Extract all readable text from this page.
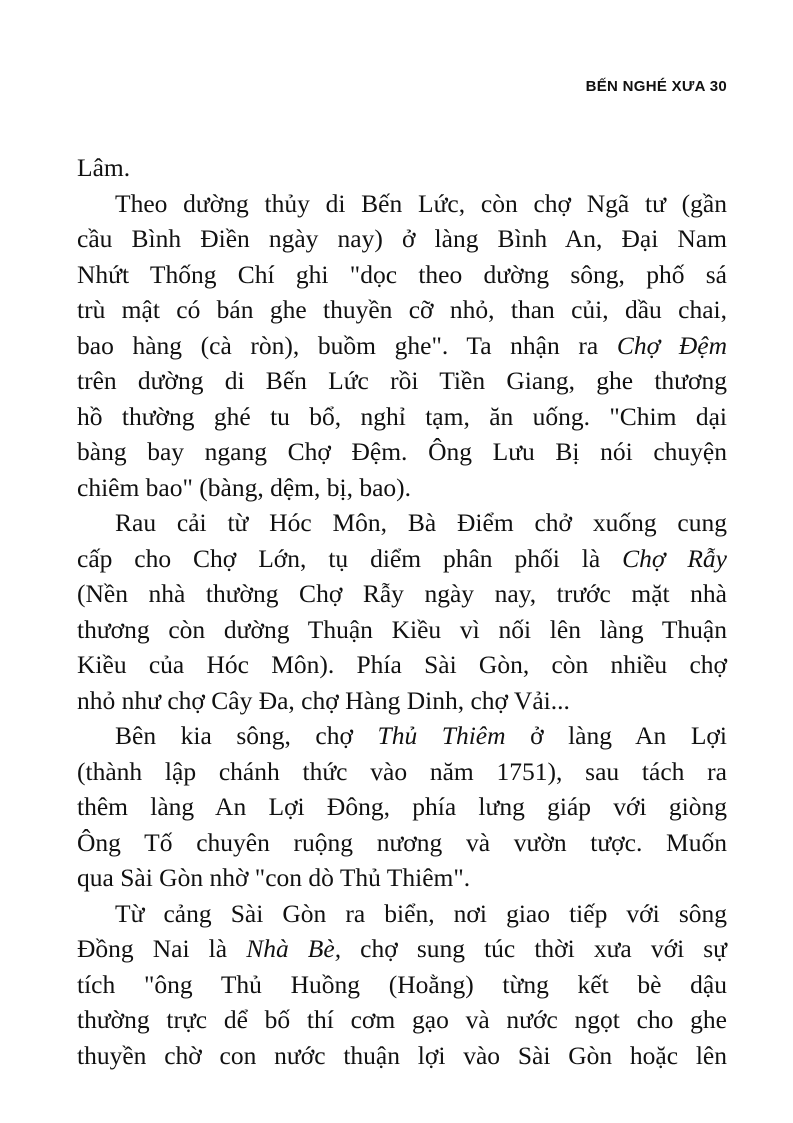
BẾN NGHÉ XƯA 30
Lâm.
Theo dường thủy di Bến Lức, còn chợ Ngã tư (gần
cầu Bình Điền ngày nay) ở làng Bình An, Đại Nam
Nhứt Thống Chí ghi "dọc theo dường sông, phố sá
trù mật có bán ghe thuyền cỡ nhỏ, than củi, dầu chai,
bao hàng (cà ròn), buồm ghe". Ta nhận ra Chợ Đệm
trên dường di Bến Lức rồi Tiền Giang, ghe thương
hồ thường ghé tu bổ, nghỉ tạm, ăn uống. "Chim dại
bàng bay ngang Chợ Đệm. Ông Lưu Bị nói chuyện
chiêm bao" (bàng, dệm, bị, bao).
Rau cải từ Hóc Môn, Bà Điểm chở xuống cung
cấp cho Chợ Lớn, tụ diểm phân phối là Chợ Rẫy
(Nền nhà thường Chợ Rẫy ngày nay, trước mặt nhà
thương còn dường Thuận Kiều vì nối lên làng Thuận
Kiều của Hóc Môn). Phía Sài Gòn, còn nhiều chợ
nhỏ như chợ Cây Đa, chợ Hàng Dinh, chợ Vải...
Bên kia sông, chợ Thủ Thiêm ở làng An Lợi
(thành lập chánh thức vào năm 1751), sau tách ra
thêm làng An Lợi Đông, phía lưng giáp với giòng
Ông Tố chuyên ruộng nương và vườn tược. Muốn
qua Sài Gòn nhờ "con dò Thủ Thiêm".
Từ cảng Sài Gòn ra biển, nơi giao tiếp với sông
Đồng Nai là Nhà Bè, chợ sung túc thời xưa với sự
tích "ông Thủ Huồng (Hoằng) từng kết bè dậu
thường trực dể bố thí cơm gạo và nước ngọt cho ghe
thuyền chờ con nước thuận lợi vào Sài Gòn hoặc lên
